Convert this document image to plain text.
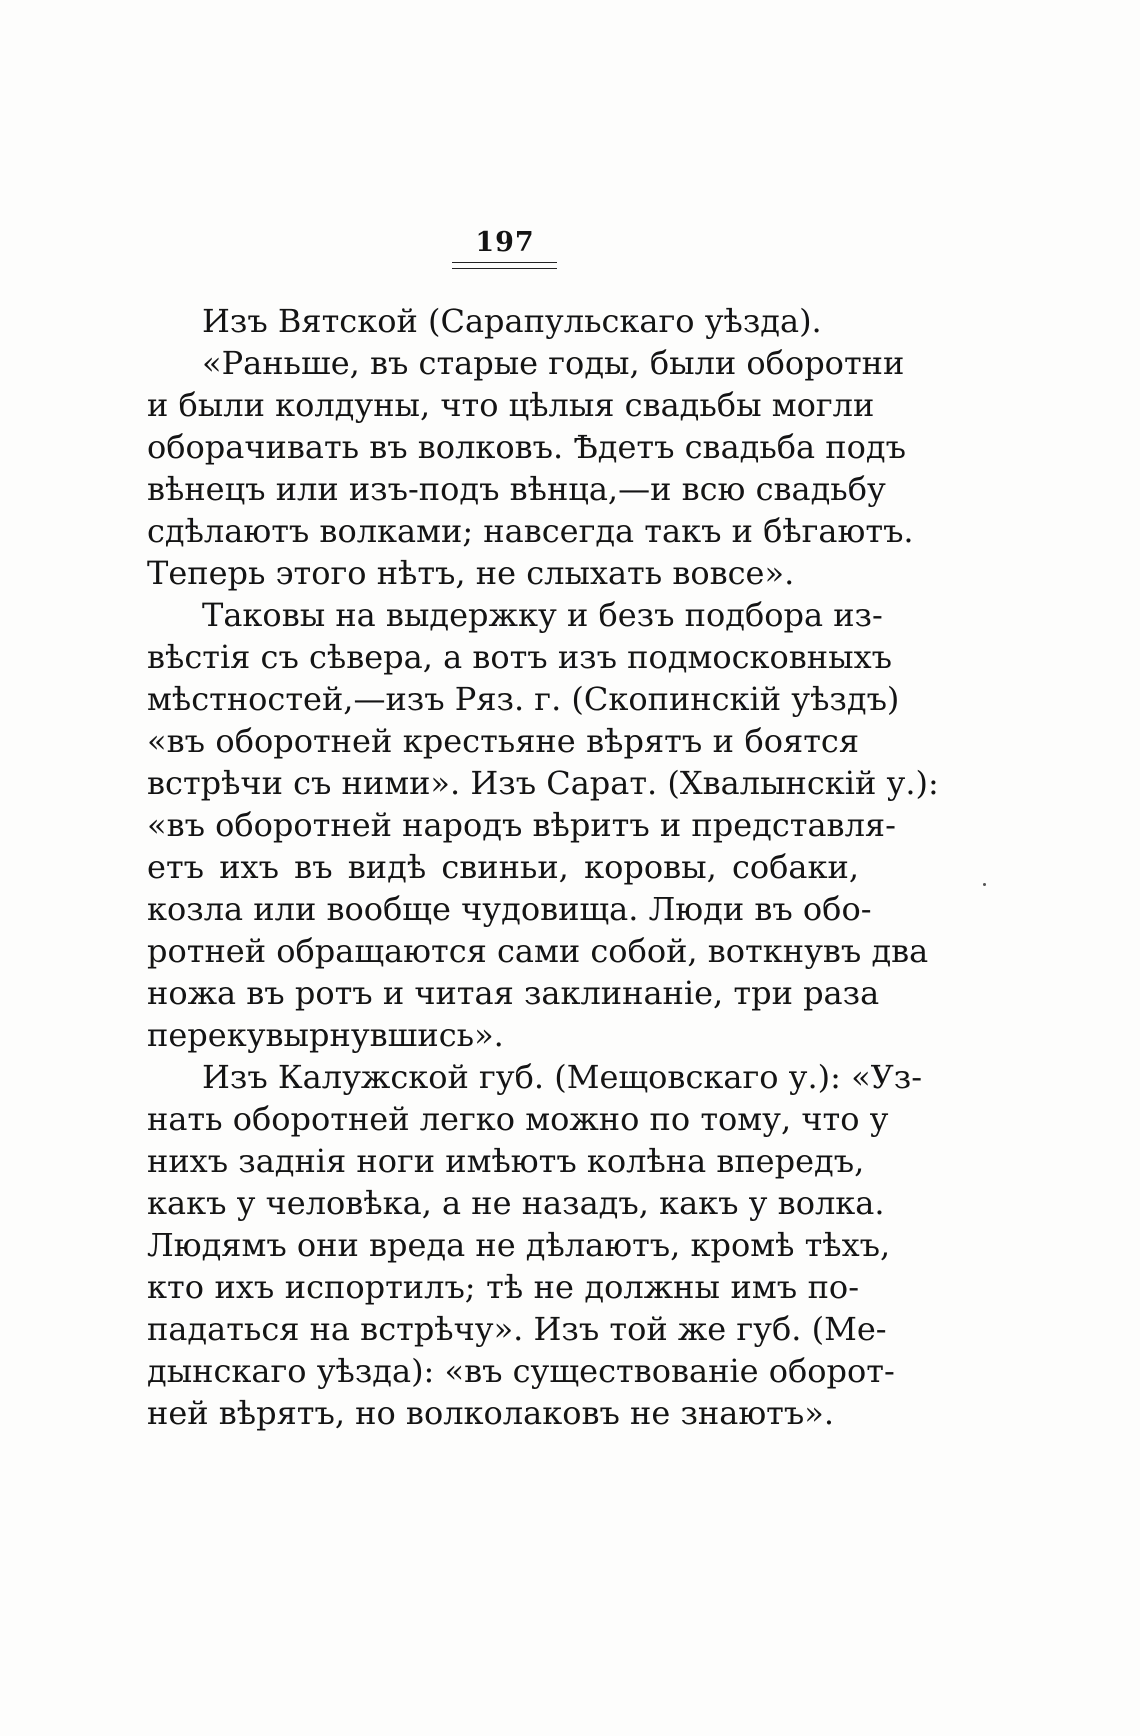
197
Изъ Вятской (Сарапульскаго уѣзда).
«Раньше, въ старые годы, были оборотни
и были колдуны, что цѣлыя свадьбы могли
оборачивать въ волковъ. Ѣдетъ свадьба подъ
вѣнецъ или изъ-подъ вѣнца,—и всю свадьбу
сдѣлаютъ волками; навсегда такъ и бѣгаютъ.
Теперь этого нѣтъ, не слыхать вовсе».
Таковы на выдержку и безъ подбора из-
вѣстія съ сѣвера, а вотъ изъ подмосковныхъ
мѣстностей,—изъ Ряз. г. (Скопинскій уѣздъ)
«въ оборотней крестьяне вѣрятъ и боятся
встрѣчи съ ними». Изъ Сарат. (Хвалынскій у.):
«въ оборотней народъ вѣритъ и представля-
етъ ихъ въ видѣ свиньи, коровы, собаки,
козла или вообще чудовища. Люди въ обо-
ротней обращаются сами собой, воткнувъ два
ножа въ ротъ и читая заклинаніе, три раза
перекувырнувшись».
Изъ Калужской губ. (Мещовскаго у.): «Уз-
нать оборотней легко можно по тому, что у
нихъ заднія ноги имѣютъ колѣна впередъ,
какъ у человѣка, а не назадъ, какъ у волка.
Людямъ они вреда не дѣлаютъ, кромѣ тѣхъ,
кто ихъ испортилъ; тѣ не должны имъ по-
падаться на встрѣчу». Изъ той же губ. (Ме-
дынскаго уѣзда): «въ существованіе оборот-
ней вѣрятъ, но волколаковъ не знаютъ».
